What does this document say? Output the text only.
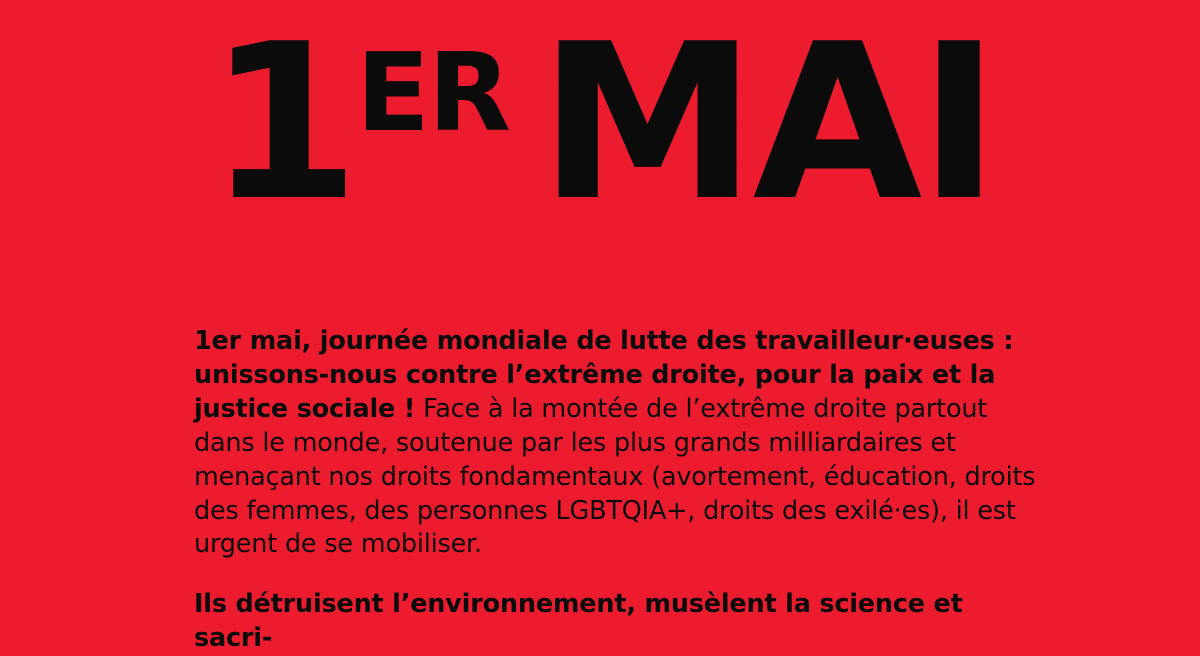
1ER MAI

1er mai, journée mondiale de lutte des travailleur·euses : unissons-nous contre l’extrême droite, pour la paix et la justice sociale ! Face à la montée de l’extrême droite partout dans le monde, soutenue par les plus grands milliardaires et menaçant nos droits fondamentaux (avortement, éducation, droits des femmes, des personnes LGBTQIA+, droits des exilé·es), il est urgent de se mobiliser.

Ils détruisent l’environnement, musèlent la science et sacri-
